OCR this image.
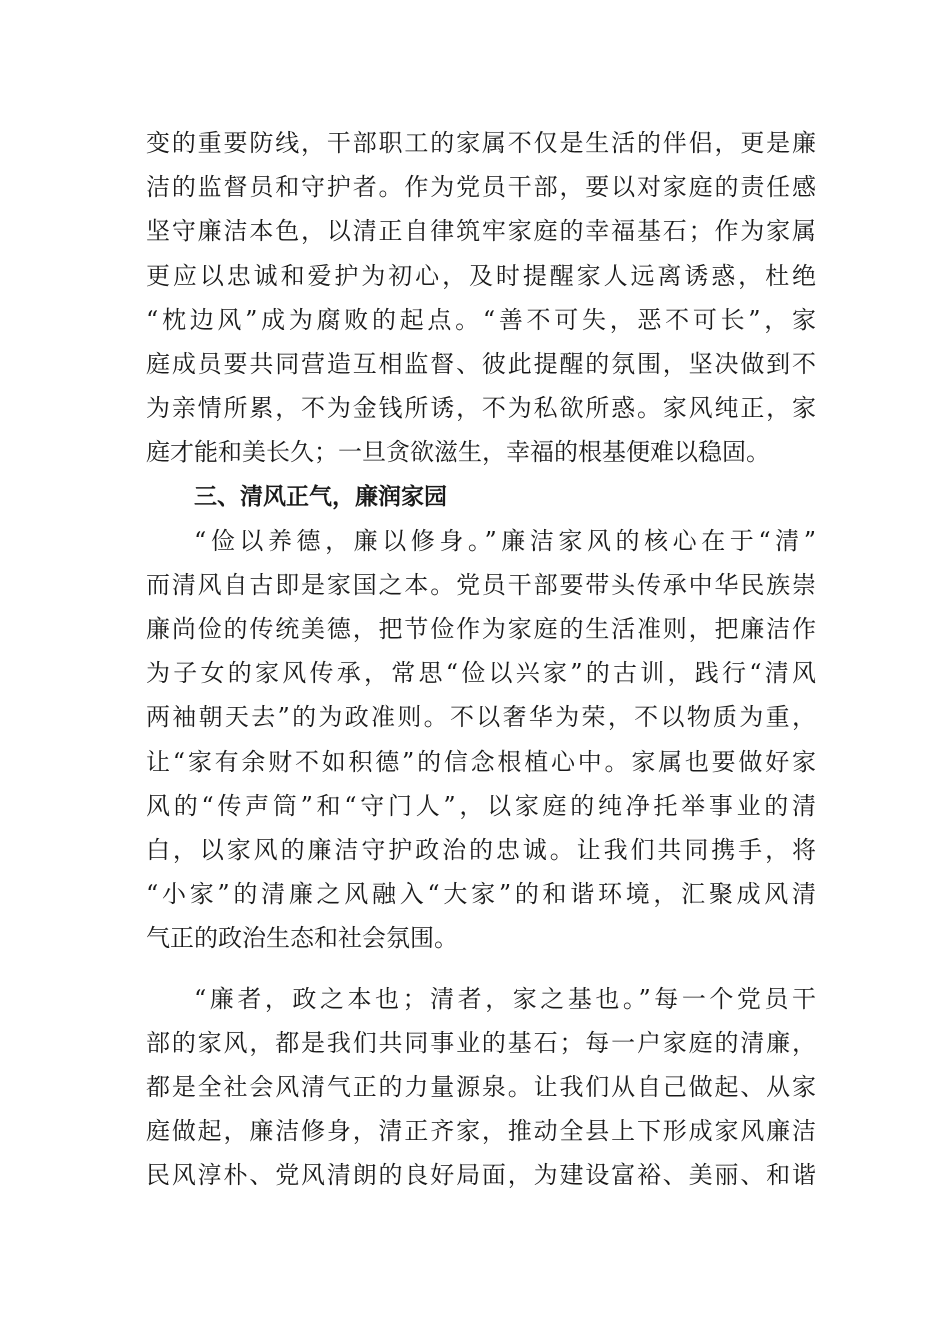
变的重要防线，干部职工的家属不仅是生活的伴侣，更是廉
洁的监督员和守护者。作为党员干部，要以对家庭的责任感
坚守廉洁本色，以清正自律筑牢家庭的幸福基石；作为家属
更应以忠诚和爱护为初心，及时提醒家人远离诱惑，杜绝
“枕边风”成为腐败的起点。“善不可失，恶不可长”，家
庭成员要共同营造互相监督、彼此提醒的氛围，坚决做到不
为亲情所累，不为金钱所诱，不为私欲所惑。家风纯正，家
庭才能和美长久；一旦贪欲滋生，幸福的根基便难以稳固。
三、清风正气，廉润家园
“俭以养德，廉以修身。”廉洁家风的核心在于“清”
而清风自古即是家国之本。党员干部要带头传承中华民族崇
廉尚俭的传统美德，把节俭作为家庭的生活准则，把廉洁作
为子女的家风传承，常思“俭以兴家”的古训，践行“清风
两袖朝天去”的为政准则。不以奢华为荣，不以物质为重，
让“家有余财不如积德”的信念根植心中。家属也要做好家
风的“传声筒”和“守门人”，以家庭的纯净托举事业的清
白，以家风的廉洁守护政治的忠诚。让我们共同携手，将
“小家”的清廉之风融入“大家”的和谐环境，汇聚成风清
气正的政治生态和社会氛围。
“廉者，政之本也；清者，家之基也。”每一个党员干
部的家风，都是我们共同事业的基石；每一户家庭的清廉，
都是全社会风清气正的力量源泉。让我们从自己做起、从家
庭做起，廉洁修身，清正齐家，推动全县上下形成家风廉洁
民风淳朴、党风清朗的良好局面，为建设富裕、美丽、和谐
